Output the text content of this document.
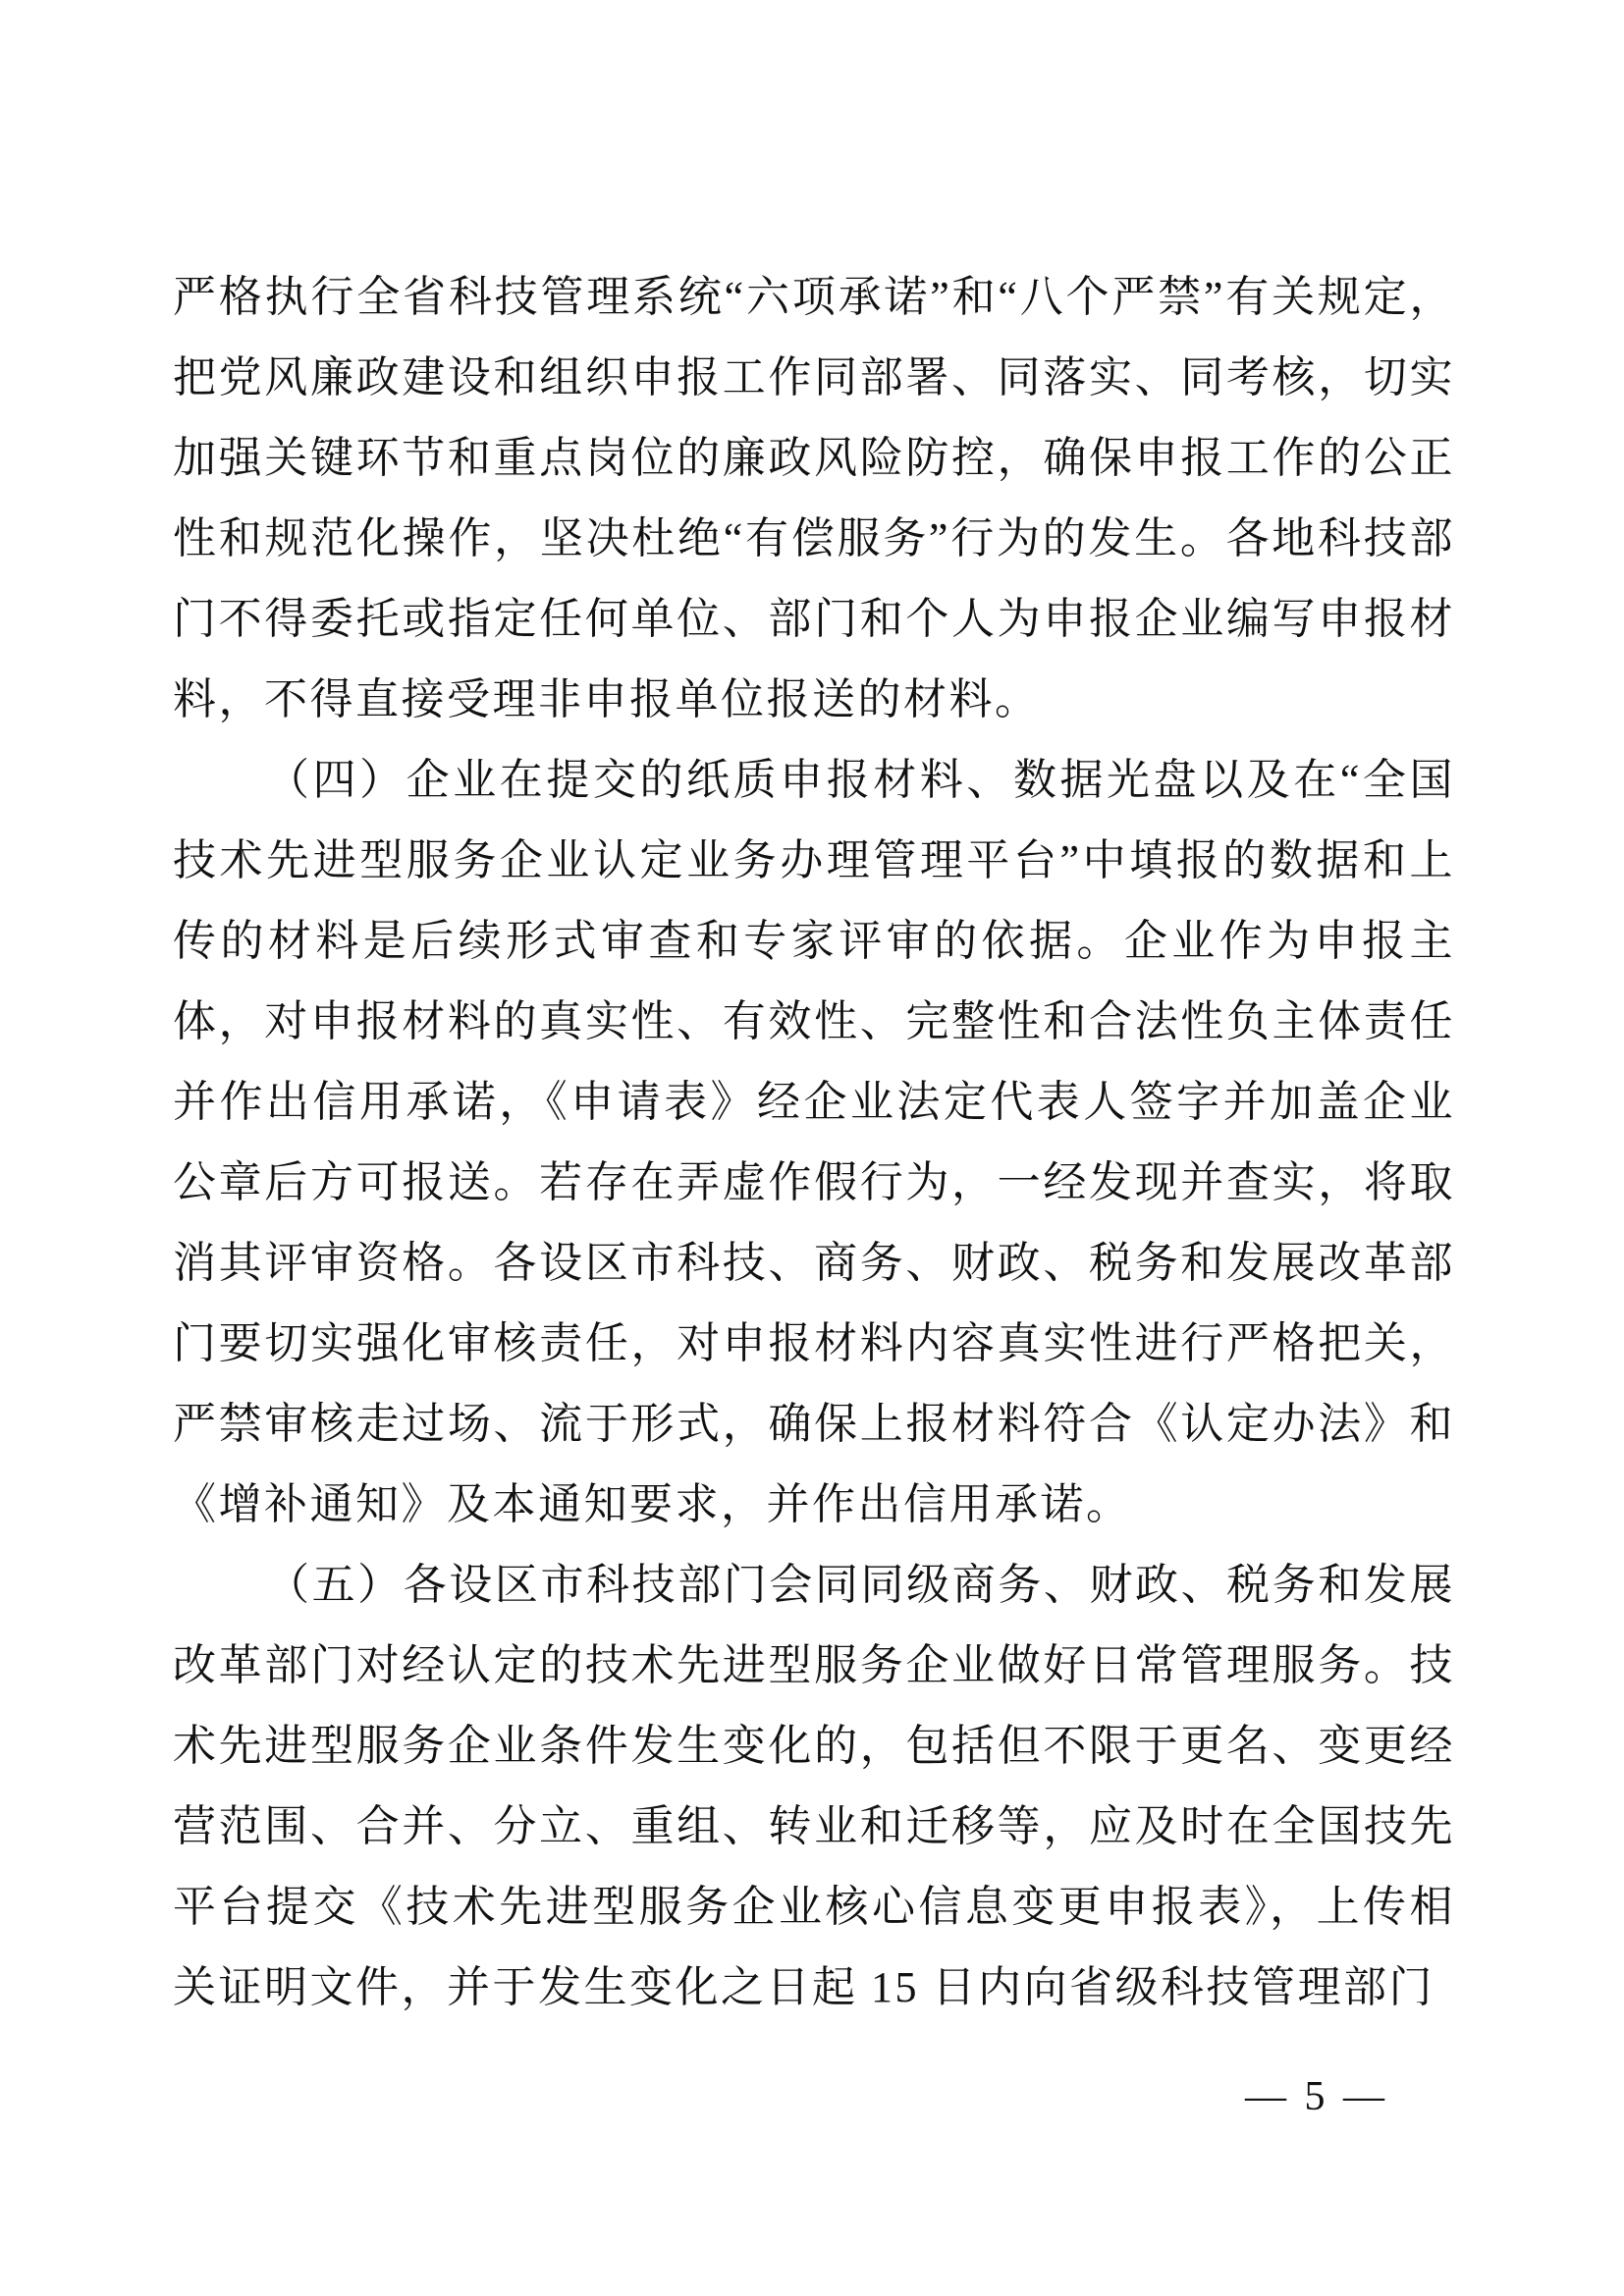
严格执行全省科技管理系统“六项承诺”和“八个严禁”有关规定，把党风廉政建设和组织申报工作同部署、同落实、同考核，切实加强关键环节和重点岗位的廉政风险防控，确保申报工作的公正性和规范化操作，坚决杜绝“有偿服务”行为的发生。各地科技部门不得委托或指定任何单位、部门和个人为申报企业编写申报材料，不得直接受理非申报单位报送的材料。

（四）企业在提交的纸质申报材料、数据光盘以及在“全国技术先进型服务企业认定业务办理管理平台”中填报的数据和上传的材料是后续形式审查和专家评审的依据。企业作为申报主体，对申报材料的真实性、有效性、完整性和合法性负主体责任并作出信用承诺，《申请表》经企业法定代表人签字并加盖企业公章后方可报送。若存在弄虚作假行为，一经发现并查实，将取消其评审资格。各设区市科技、商务、财政、税务和发展改革部门要切实强化审核责任，对申报材料内容真实性进行严格把关，严禁审核走过场、流于形式，确保上报材料符合《认定办法》和《增补通知》及本通知要求，并作出信用承诺。

（五）各设区市科技部门会同同级商务、财政、税务和发展改革部门对经认定的技术先进型服务企业做好日常管理服务。技术先进型服务企业条件发生变化的，包括但不限于更名、变更经营范围、合并、分立、重组、转业和迁移等，应及时在全国技先平台提交《技术先进型服务企业核心信息变更申报表》，上传相关证明文件，并于发生变化之日起 15 日内向省级科技管理部门

— 5 —
